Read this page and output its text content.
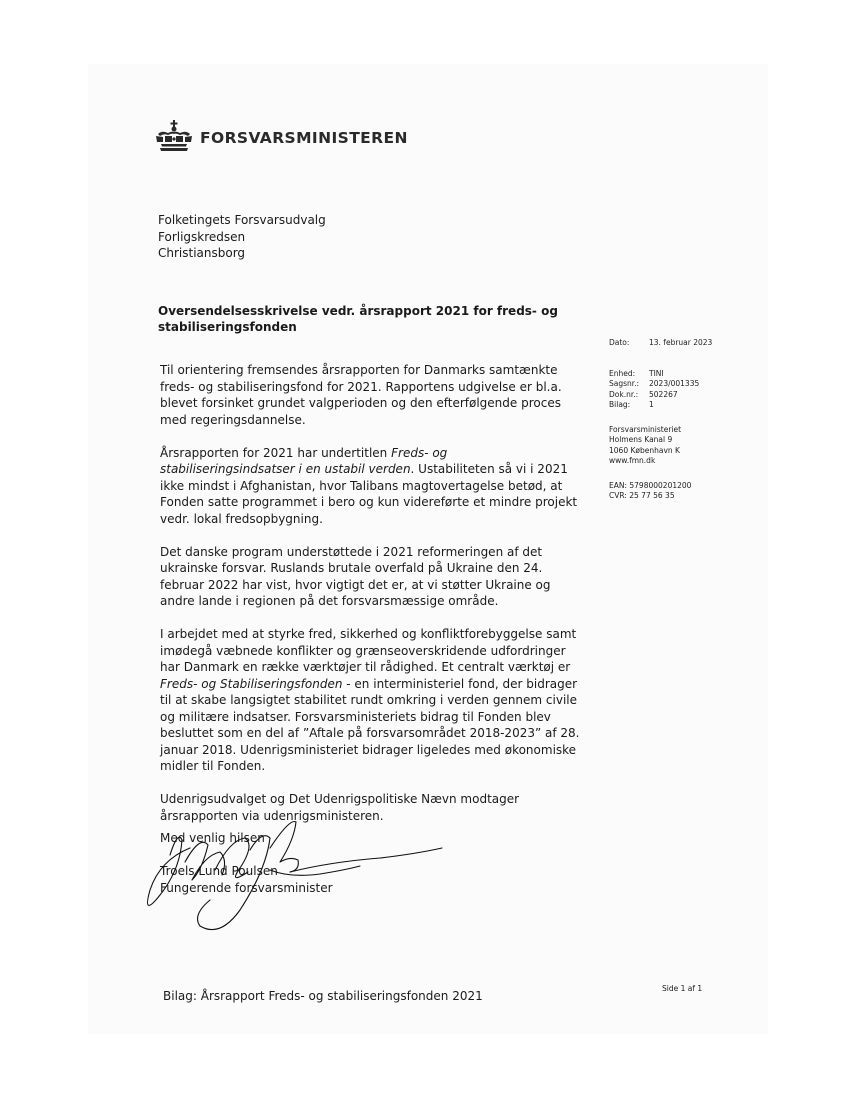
FORSVARSMINISTEREN
Folketingets Forsvarsudvalg
Forligskredsen
Christiansborg
Oversendelsesskrivelse vedr. årsrapport 2021 for freds- og stabiliseringsfonden
Dato:	13. februar 2023
Enhed:	TINI
Sagsnr.:	2023/001335
Dok.nr.:	502267
Bilag:	1
Forsvarsministeriet
Holmens Kanal 9
1060 København K
www.fmn.dk
EAN: 5798000201200
CVR: 25 77 56 35

Til orientering fremsendes årsrapporten for Danmarks samtænkte freds- og stabiliseringsfond for 2021. Rapportens udgivelse er bl.a. blevet forsinket grundet valgperioden og den efterfølgende proces med regeringsdannelse.

Årsrapporten for 2021 har undertitlen Freds- og stabiliseringsindsatser i en ustabil verden. Ustabiliteten så vi i 2021 ikke mindst i Afghanistan, hvor Talibans magtovertagelse betød, at Fonden satte programmet i bero og kun videreførte et mindre projekt vedr. lokal fredsopbygning.

Det danske program understøttede i 2021 reformeringen af det ukrainske forsvar. Ruslands brutale overfald på Ukraine den 24. februar 2022 har vist, hvor vigtigt det er, at vi støtter Ukraine og andre lande i regionen på det forsvarsmæssige område.

I arbejdet med at styrke fred, sikkerhed og konfliktforebyggelse samt imødegå væbnede konflikter og grænseoverskridende udfordringer har Danmark en række værktøjer til rådighed. Et centralt værktøj er Freds- og Stabiliseringsfonden - en interministeriel fond, der bidrager til at skabe langsigtet stabilitet rundt omkring i verden gennem civile og militære indsatser. Forsvarsministeriets bidrag til Fonden blev besluttet som en del af ”Aftale på forsvarsområdet 2018-2023” af 28. januar 2018. Udenrigsministeriet bidrager ligeledes med økonomiske midler til Fonden.

Udenrigsudvalget og Det Udenrigspolitiske Nævn modtager årsrapporten via udenrigsministeren.

Med venlig hilsen
Troels Lund Poulsen
Fungerende forsvarsminister
Side 1 af 1
Bilag: Årsrapport Freds- og stabiliseringsfonden 2021
